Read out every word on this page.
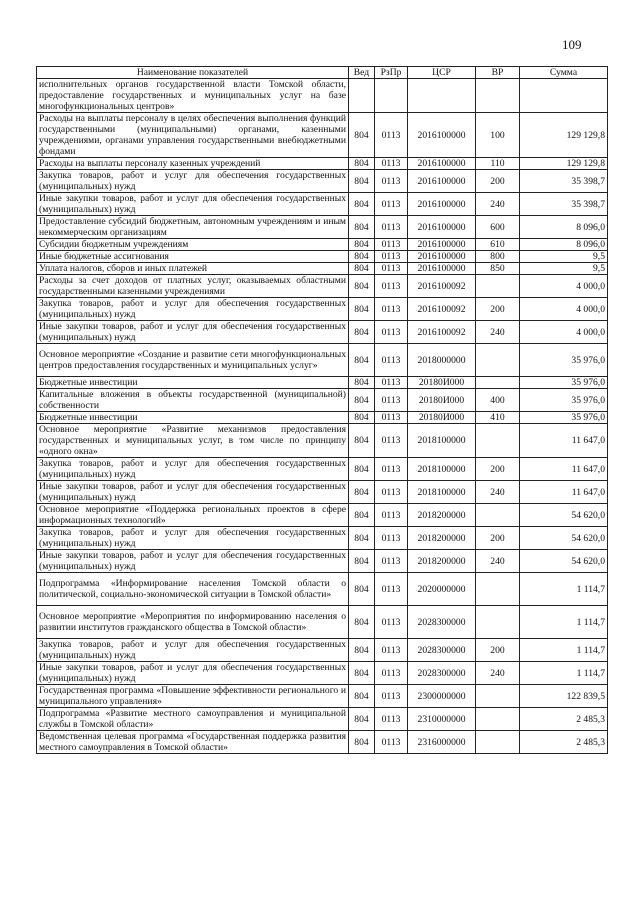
109
Наименование показателей	Вед	РзПр	ЦСР	ВР	Сумма
исполнительных органов государственной власти Томской области, предоставление государственных и муниципальных услуг на базе многофункциональных центров»					
Расходы на выплаты персоналу в целях обеспечения выполнения функций государственными (муниципальными) органами, казенными учреждениями, органами управления государственными внебюджетными фондами	804	0113	2016100000	100	129 129,8
Расходы на выплаты персоналу казенных учреждений	804	0113	2016100000	110	129 129,8
Закупка товаров, работ и услуг для обеспечения государственных (муниципальных) нужд	804	0113	2016100000	200	35 398,7
Иные закупки товаров, работ и услуг для обеспечения государственных (муниципальных) нужд	804	0113	2016100000	240	35 398,7
Предоставление субсидий бюджетным, автономным учреждениям и иным некоммерческим организациям	804	0113	2016100000	600	8 096,0
Субсидии бюджетным учреждениям	804	0113	2016100000	610	8 096,0
Иные бюджетные ассигнования	804	0113	2016100000	800	9,5
Уплата налогов, сборов и иных платежей	804	0113	2016100000	850	9,5
Расходы за счет доходов от платных услуг, оказываемых областными государственными казенными учреждениями	804	0113	2016100092		4 000,0
Закупка товаров, работ и услуг для обеспечения государственных (муниципальных) нужд	804	0113	2016100092	200	4 000,0
Иные закупки товаров, работ и услуг для обеспечения государственных (муниципальных) нужд	804	0113	2016100092	240	4 000,0
Основное мероприятие «Создание и развитие сети многофункциональных центров предоставления государственных и муниципальных услуг»	804	0113	2018000000		35 976,0
Бюджетные инвестиции	804	0113	20180И000		35 976,0
Капитальные вложения в объекты государственной (муниципальной) собственности	804	0113	20180И000	400	35 976,0
Бюджетные инвестиции	804	0113	20180И000	410	35 976,0
Основное мероприятие «Развитие механизмов предоставления государственных и муниципальных услуг, в том числе по принципу «одного окна»	804	0113	2018100000		11 647,0
Закупка товаров, работ и услуг для обеспечения государственных (муниципальных) нужд	804	0113	2018100000	200	11 647,0
Иные закупки товаров, работ и услуг для обеспечения государственных (муниципальных) нужд	804	0113	2018100000	240	11 647,0
Основное мероприятие «Поддержка региональных проектов в сфере информационных технологий»	804	0113	2018200000		54 620,0
Закупка товаров, работ и услуг для обеспечения государственных (муниципальных) нужд	804	0113	2018200000	200	54 620,0
Иные закупки товаров, работ и услуг для обеспечения государственных (муниципальных) нужд	804	0113	2018200000	240	54 620,0
Подпрограмма «Информирование населения Томской области о политической, социально-экономической ситуации в Томской области»	804	0113	2020000000		1 114,7
Основное мероприятие «Мероприятия по информированию населения о развитии институтов гражданского общества в Томской области»	804	0113	2028300000		1 114,7
Закупка товаров, работ и услуг для обеспечения государственных (муниципальных) нужд	804	0113	2028300000	200	1 114,7
Иные закупки товаров, работ и услуг для обеспечения государственных (муниципальных) нужд	804	0113	2028300000	240	1 114,7
Государственная программа «Повышение эффективности регионального и муниципального управления»	804	0113	2300000000		122 839,5
Подпрограмма «Развитие местного самоуправления и муниципальной службы в Томской области»	804	0113	2310000000		2 485,3
Ведомственная целевая программа «Государственная поддержка развития местного самоуправления в Томской области»	804	0113	2316000000		2 485,3
